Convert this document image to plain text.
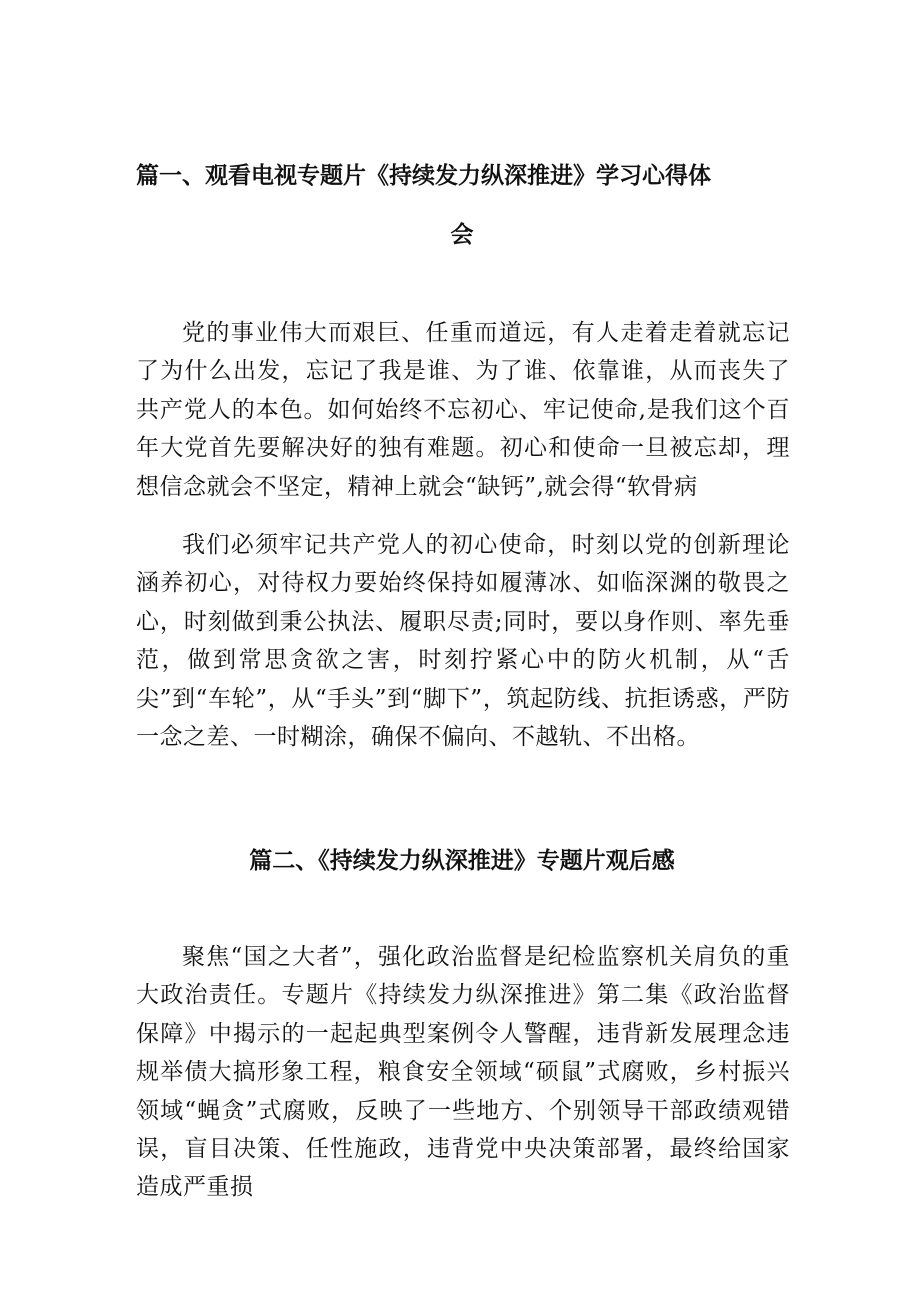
篇一、观看电视专题片《持续发力纵深推进》学习心得体
会

党的事业伟大而艰巨、任重而道远，有人走着走着就忘记了为什么出发，忘记了我是谁、为了谁、依靠谁，从而丧失了共产党人的本色。如何始终不忘初心、牢记使命,是我们这个百年大党首先要解决好的独有难题。初心和使命一旦被忘却，理想信念就会不坚定，精神上就会“缺钙”,就会得“软骨病

我们必须牢记共产党人的初心使命，时刻以党的创新理论涵养初心，对待权力要始终保持如履薄冰、如临深渊的敬畏之心，时刻做到秉公执法、履职尽责;同时，要以身作则、率先垂范，做到常思贪欲之害，时刻拧紧心中的防火机制，从“舌尖”到“车轮”，从“手头”到“脚下”，筑起防线、抗拒诱惑，严防一念之差、一时糊涂，确保不偏向、不越轨、不出格。

篇二、《持续发力纵深推进》专题片观后感

聚焦“国之大者”，强化政治监督是纪检监察机关肩负的重大政治责任。专题片《持续发力纵深推进》第二集《政治监督保障》中揭示的一起起典型案例令人警醒，违背新发展理念违规举债大搞形象工程，粮食安全领域“硕鼠”式腐败，乡村振兴领域“蝇贪”式腐败，反映了一些地方、个别领导干部政绩观错误，盲目决策、任性施政，违背党中央决策部署，最终给国家造成严重损
